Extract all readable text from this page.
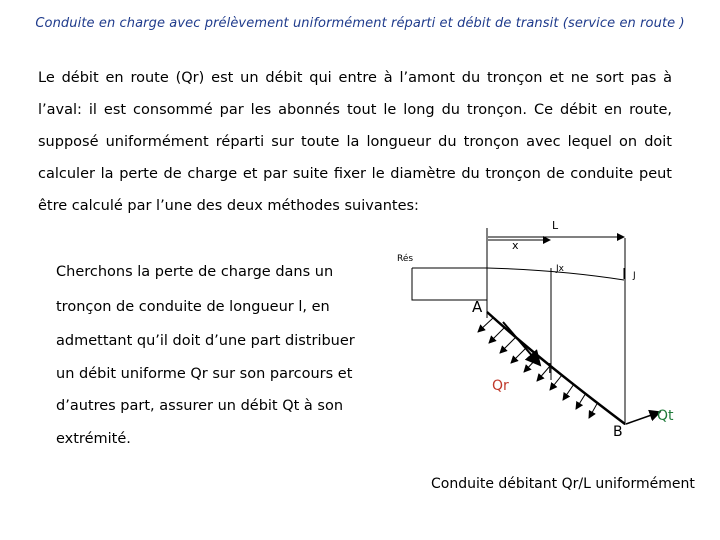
Conduite en charge avec prélèvement uniformément réparti et débit de transit (service en route )
Le débit en route (Qr) est un débit qui entre à l’amont du tronçon et ne sort pas à
l’aval: il est consommé par les abonnés tout le long du tronçon. Ce débit en route,
supposé uniformément réparti sur toute la longueur du tronçon avec lequel on doit
calculer la perte de charge et par suite fixer le diamètre du tronçon de conduite peut
être calculé par l’une des deux méthodes suivantes:
Cherchons la perte de charge dans un
tronçon de conduite de longueur l, en
admettant qu’il doit d’une part distribuer
un débit uniforme Qr sur son parcours et
d’autres part, assurer un débit Qt à son
extrémité.
Rés
x
L
Jx
J
A
l
Qr
B
Qt
Conduite débitant Qr/L uniformément
